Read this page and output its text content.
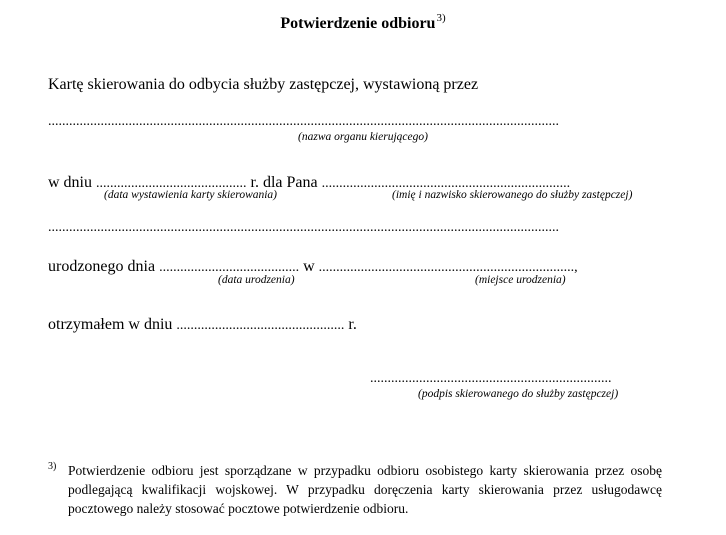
Potwierdzenie odbioru$^{3)}$
Kartę skierowania do odbycia służby zastępczej, wystawioną przez
..................................................................................................................................................
(nazwa organu kierującego)
w dniu ........................................... r. dla Pana .......................................................................
(data wystawienia karty skierowania)	(imię i nazwisko skierowanego do służby zastępczej)
..................................................................................................................................................
urodzonego dnia ........................................ w .........................................................................,
(data urodzenia)	(miejsce urodzenia)
otrzymałem w dniu ................................................ r.
.....................................................................
(podpis skierowanego do służby zastępczej)
3) Potwierdzenie odbioru jest sporządzane w przypadku odbioru osobistego karty skierowania przez osobę podlegającą kwalifikacji wojskowej. W przypadku doręczenia karty skierowania przez usługodawcę pocztowego należy stosować pocztowe potwierdzenie odbioru.
